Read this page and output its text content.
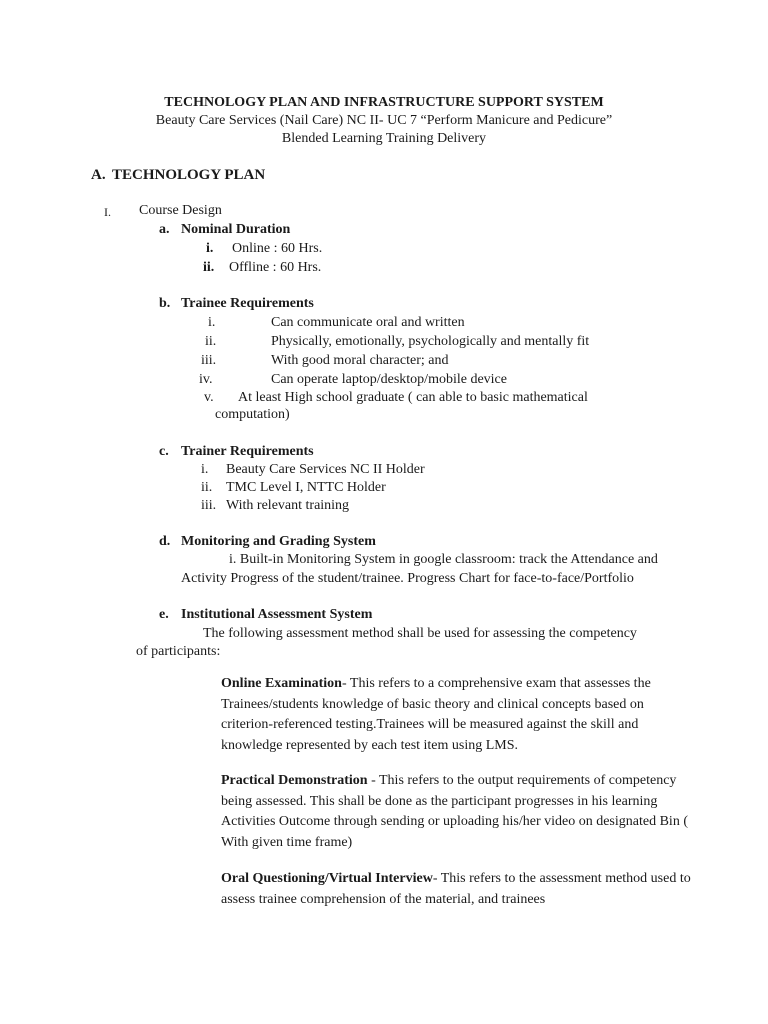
TECHNOLOGY PLAN AND INFRASTRUCTURE SUPPORT SYSTEM
Beauty Care Services (Nail Care) NC II- UC 7 “Perform Manicure and Pedicure”
Blended Learning Training Delivery
A. TECHNOLOGY PLAN
I. Course Design
a. Nominal Duration
i. Online : 60 Hrs.
ii. Offline : 60 Hrs.
b. Trainee Requirements
i.	Can communicate oral and written
ii.	Physically, emotionally, psychologically and mentally fit
iii.	With good moral character; and
iv.	Can operate laptop/desktop/mobile device
v. At least High school graduate ( can able to basic mathematical
computation)
c. Trainer Requirements
i. Beauty Care Services NC II Holder
ii. TMC Level I, NTTC Holder
iii. With relevant training
d. Monitoring and Grading System
i. Built-in Monitoring System in google classroom: track the Attendance and
Activity Progress of the student/trainee. Progress Chart for face-to-face/Portfolio
e. Institutional Assessment System
The following assessment method shall be used for assessing the competency
of participants:
Online Examination- This refers to a comprehensive exam that assesses the Trainees/students knowledge of basic theory and clinical concepts based on criterion-referenced testing.Trainees will be measured against the skill and knowledge represented by each test item using LMS.
Practical Demonstration - This refers to the output requirements of competency being assessed. This shall be done as the participant progresses in his learning Activities Outcome through sending or uploading his/her video on designated Bin ( With given time frame)
Oral Questioning/Virtual Interview- This refers to the assessment method used to assess trainee comprehension of the material, and trainees
